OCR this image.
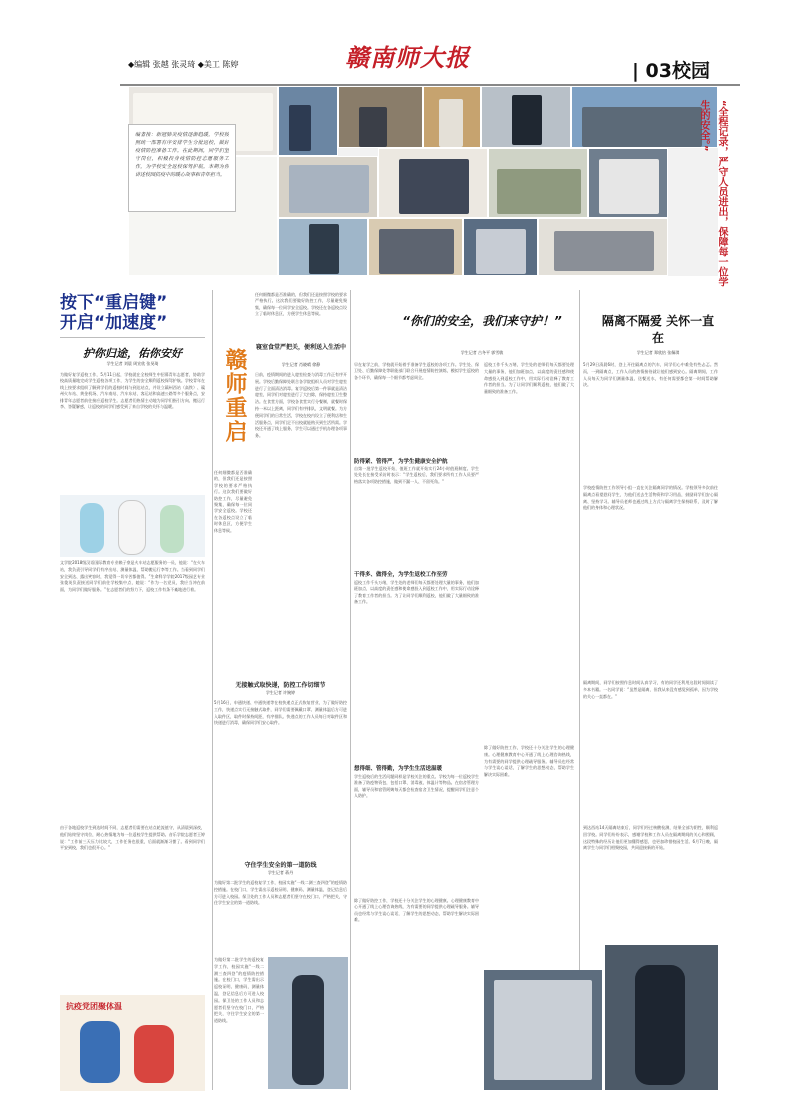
◆编辑 张越 张灵琦 ◆美工 陈婷	赣南师大报	| 03校园
编者按：新冠肺炎疫情逐渐趋缓，学校按照统一部署有序安排学生分批返校，做好疫情防控准备工作。在此期间，同学们坚守岗位，积极投身疫情防控志愿服务工作，为学校安全返校保驾护航。本期为你讲述校园抗疫中的暖心故事和青年担当。	“全程记录，严守人员进出，保障每一位学生的安全。”
按下“重启键”
开启“加速度”
护你归途，佑你安好
学生记者 刘晨 周宣欣 张旻琦
为做好复学返校工作，5月11日起，学校就在全校师生中招募青年志愿者，协助学校高质量地完成学生返校各项工作，为学生的安全顺利返校保驾护航。学校青年在线上按要求组织了解到学们的返校时间与到达站点，并设立赣州西站（高铁）、赣州火车站、黄金机场、汽车南站、汽车东站、客运站和高速公路等多个服务点，安排青年志愿者前往接应返校学生。志愿者们热情主动地为同学们指引方向、搬运行李、答疑解惑，让返校的同学们感受到了来自学校的关怀与温暖。
文学院2018级汉语国际教育专业赖子豪是火车站志愿服务的一员，他说：“在火车站，我负责引导同学们有序出站、测量体温、帮助搬运行李等工作。当看到同学们安全到达、露出笑容时，我觉得一切辛苦都值得。”生命科学学院2017级园艺专业张俊英负责接送同学们前往学校集中点，她说：“作为一名党员，我应当冲在前面，为同学们做好服务。”在志愿者们的努力下，返校工作有条不紊地进行着。
由于各地返校学生到达时间不同，志愿者们需要在站点轮流值守，从清晨到深夜，他们始终坚守岗位，耐心热情地为每一位返校学生提供帮助。音乐学院志愿者王婷说：“工作前三天压力比较大，工作任务也很重，后面就渐渐习惯了。看到同学们平安到校，我们也很开心。”
抗疫党团聚体温
赣师重启
任何细微都是否准确的，但我们还是按照学校的要求严格执行。这次我们要做好防控工作，尽量避免聚集，确保每一位同学安全返校。学校还在各返校点设立了临时休息区，方便学生休息等候。
寝室食堂严把关，便利送入生活中
学生记者 肖晓晴 徐静
日前，疫情期间的进入寝室检查与消毒工作正有序开展。学校后勤保障处联合各学院组织人员对学生寝室进行了全面清洁消毒。复学返校后第一件事就是清洁寝室，同学们对寝室进行了大扫除，保持寝室卫生整洁。在食堂方面，学校各食堂实行分餐制，就餐时保持一米以上距离，同学们有序排队，文明就餐。为方便同学们的日常生活，学校在校内设立了便利店和生活服务点，同学们足不出校就能购买到生活所需。学校还开通了线上服务，学生可以通过手机办理各项事务。
无接触式取快递，防控工作切细节
学生记者 许婉婷
5月16日，申通快递、中通快递等在校快递点正式恢复营业，为了做好防控工作，快递点实行无接触式取件，同学们需要佩戴口罩、测量体温后方可进入取件区，取件时保持间距，有序排队。快递点的工作人员每日对取件区和快递进行消毒，确保同学们安心取件。
任何细微都是否准确的，但我们还是按照学校的要求严格执行。这次我们要做好防控工作，尽量避免聚集，确保每一位同学安全返校。学校还在各返校点设立了临时休息区，方便学生休息等候。
守住学生安全的第一道防线
学生记者 蒋丹
为做好第二批学生的返校复学工作，校园实施“一线二测三查四登”的疫情防控措施。在校门口，学生需出示返校证明、健康码，测量体温，登记信息后方可进入校园。保卫处的工作人员和志愿者们坚守在校门口，严格把关，守住学生安全的第一道防线。
为做好第二批学生的返校复学工作，校园实施“一线二测三查四登”的疫情防控措施。在校门口，学生需出示返校证明、健康码，测量体温，登记信息后方可进入校园。保卫处的工作人员和志愿者们坚守在校门口，严格把关，守住学生安全的第一道防线。
“你们的安全，我们来守护！”
学生记者 古冬平 郭雪敏
早在复学之前，学校就开始着手准备学生返校的各项工作。学生处、保卫处、后勤保障处等职能部门联合开展疫情防控演练，模拟学生返校的各个环节，确保每一个细节都考虑周全。
防得紧、管得严，为学生健康安全护航
自第一批学生返校开始，值班工作就开始实行24小时值班制度。学生处处长在接受采访时表示：“学生返校后，我们要求所有工作人员要严格落实各项防控措施，做到不漏一人、不留死角。”
干得多、做得全，为学生返校工作至劳
返校工作千头万绪，学生处的老师们每天都要处理大量的事务，他们加班加点，以高度的责任感和使命感投入到返校工作中，用实际行动诠释了教育工作者的担当。为了让同学们顺利返校，他们做了大量细致的准备工作。
想得细、管得勤，为学生生活送温暖
学生返校后的生活问题同样是学校关注的重点。学校为每一位返校学生准备了防疫物资包，包括口罩、消毒液、体温计等物品。在宿舍管理方面，辅导员和宿管阿姨每天都会检查宿舍卫生情况，提醒同学们注意个人防护。
除了做好防控工作，学校还十分关注学生的心理健康。心理健康教育中心开通了线上心理咨询热线，为有需要的同学提供心理疏导服务。辅导员也经常与学生谈心谈话，了解学生的思想动态，帮助学生解决实际困难。
返校工作千头万绪，学生处的老师们每天都要处理大量的事务，他们加班加点，以高度的责任感和使命感投入到返校工作中，用实际行动诠释了教育工作者的担当。为了让同学们顺利返校，他们做了大量细致的准备工作。
除了做好防控工作，学校还十分关注学生的心理健康。心理健康教育中心开通了线上心理咨询热线，为有需要的同学提供心理疏导服务。辅导员也经常与学生谈心谈话，了解学生的思想动态，帮助学生解决实际困难。
隔离不隔爱 关怀一直在
学生记者 郑欣怡 张佩琪
5月29日清晨6时，登上开往隔离点的汽车，同学们心中难免有些忐忑。然而，一到隔离点，工作人员的热情接待就让他们感到安心。隔离期间，工作人员每天为同学们测量体温、送餐送水，有任何需要都会第一时间帮助解决。
学校疫情防控工作领导小组一直在关注隔离同学的情况。学校领导多次前往隔离点看望慰问学生，为他们送去生活物资和学习用品，鼓励同学们安心隔离、坚持学习。辅导员老师也通过线上方式与隔离学生保持联系，及时了解他们的身体和心理状况。
隔离期间，同学们按照作息时间认真学习，有的同学还利用这段时间阅读了多本书籍。一名同学说：“虽然是隔离，但我从来没有感觉到孤单，因为学校的关心一直都在。”
到达西站14天隔离结束后，同学们经过核酸检测，结果全部为阴性，顺利返回学校。同学们纷纷表示，感谢学校和工作人员在隔离期间的关心和照顾，这段特殊的经历让他们更加懂得感恩，也更加珍惜校园生活。6月7日晚，隔离学生与同学们相聚校园，共同迎接新的开始。
